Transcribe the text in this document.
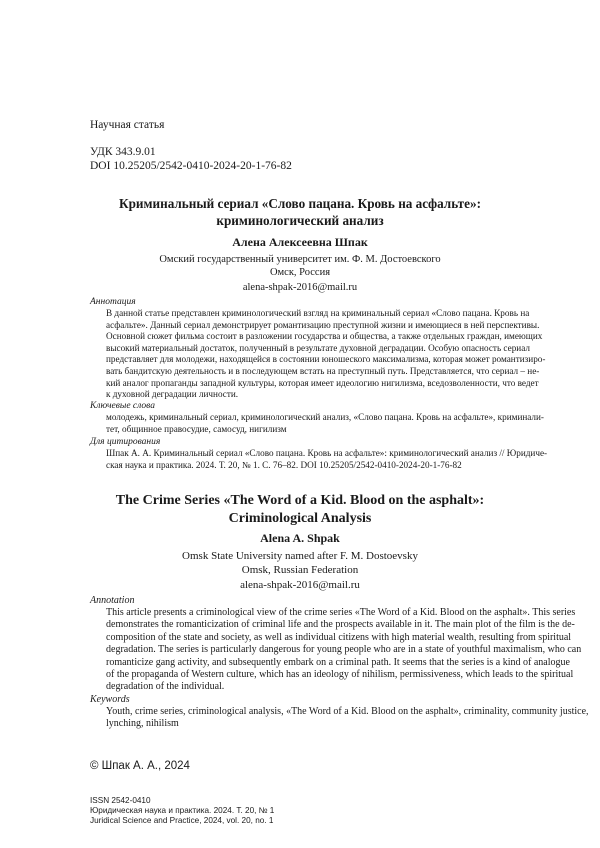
Научная статья
УДК 343.9.01
DOI 10.25205/2542-0410-2024-20-1-76-82
Криминальный сериал «Слово пацана. Кровь на асфальте»:
криминологический анализ
Алена Алексеевна Шпак
Омский государственный университет им. Ф. М. Достоевского
Омск, Россия
alena-shpak-2016@mail.ru
Аннотация
В данной статье представлен криминологический взгляд на криминальный сериал «Слово пацана. Кровь на
асфальте». Данный сериал демонстрирует романтизацию преступной жизни и имеющиеся в ней перспективы.
Основной сюжет фильма состоит в разложении государства и общества, а также отдельных граждан, имеющих
высокий материальный достаток, полученный в результате духовной деградации. Особую опасность сериал
представляет для молодежи, находящейся в состоянии юношеского максимализма, которая может романтизиро-
вать бандитскую деятельность и в последующем встать на преступный путь. Представляется, что сериал – не-
кий аналог пропаганды западной культуры, которая имеет идеологию нигилизма, вседозволенности, что ведет
к духовной деградации личности.
Ключевые слова
молодежь, криминальный сериал, криминологический анализ, «Слово пацана. Кровь на асфальте», криминали-
тет, общинное правосудие, самосуд, нигилизм
Для цитирования
Шпак А. А. Криминальный сериал «Слово пацана. Кровь на асфальте»: криминологический анализ // Юридиче-
ская наука и практика. 2024. Т. 20, № 1. С. 76–82. DOI 10.25205/2542-0410-2024-20-1-76-82
The Crime Series «The Word of a Kid. Blood on the asphalt»:
Criminological Analysis
Alena A. Shpak
Omsk State University named after F. M. Dostoevsky
Omsk, Russian Federation
alena-shpak-2016@mail.ru
Annotation
This article presents a criminological view of the crime series «The Word of a Kid. Blood on the asphalt». This series
demonstrates the romanticization of criminal life and the prospects available in it. The main plot of the film is the de-
composition of the state and society, as well as individual citizens with high material wealth, resulting from spiritual
degradation. The series is particularly dangerous for young people who are in a state of youthful maximalism, who can
romanticize gang activity, and subsequently embark on a criminal path. It seems that the series is a kind of analogue
of the propaganda of Western culture, which has an ideology of nihilism, permissiveness, which leads to the spiritual
degradation of the individual.
Keywords
Youth, crime series, criminological analysis, «The Word of a Kid. Blood on the asphalt», criminality, community justice,
lynching, nihilism
© Шпак А. А., 2024
ISSN 2542-0410
Юридическая наука и практика. 2024. Т. 20, № 1
Juridical Science and Practice, 2024, vol. 20, no. 1
